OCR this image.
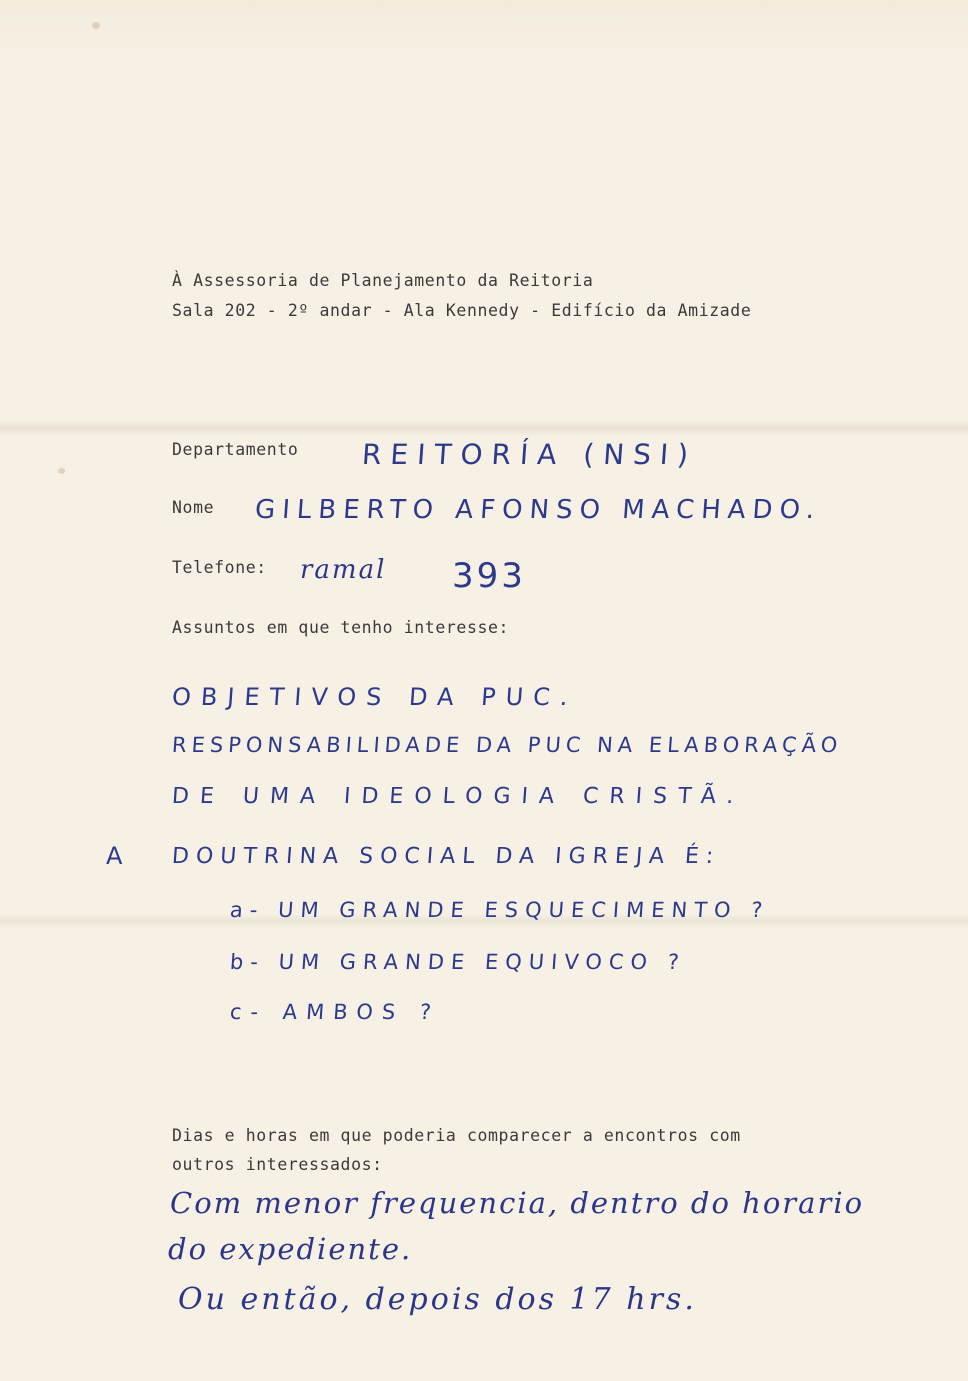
À Assessoria de Planejamento da Reitoria
Sala 202 - 2º andar - Ala Kennedy - Edifício da Amizade
Departamento REITORÍA (NSI)
Nome GILBERTO AFONSO MACHADO.
Telefone: ramal 393
Assuntos em que tenho interesse:
OBJETIVOS DA PUC.
RESPONSABILIDADE DA PUC NA ELABORAÇÃO
DE UMA IDEOLOGIA CRISTÃ.
A DOUTRINA SOCIAL DA IGREJA É:
a- UM GRANDE ESQUECIMENTO ?
b- UM GRANDE EQUIVOCO ?
c- AMBOS ?
Dias e horas em que poderia comparecer a encontros com
outros interessados:
Com menor frequencia, dentro do horario
do expediente.
Ou então, depois dos 17 hrs.
